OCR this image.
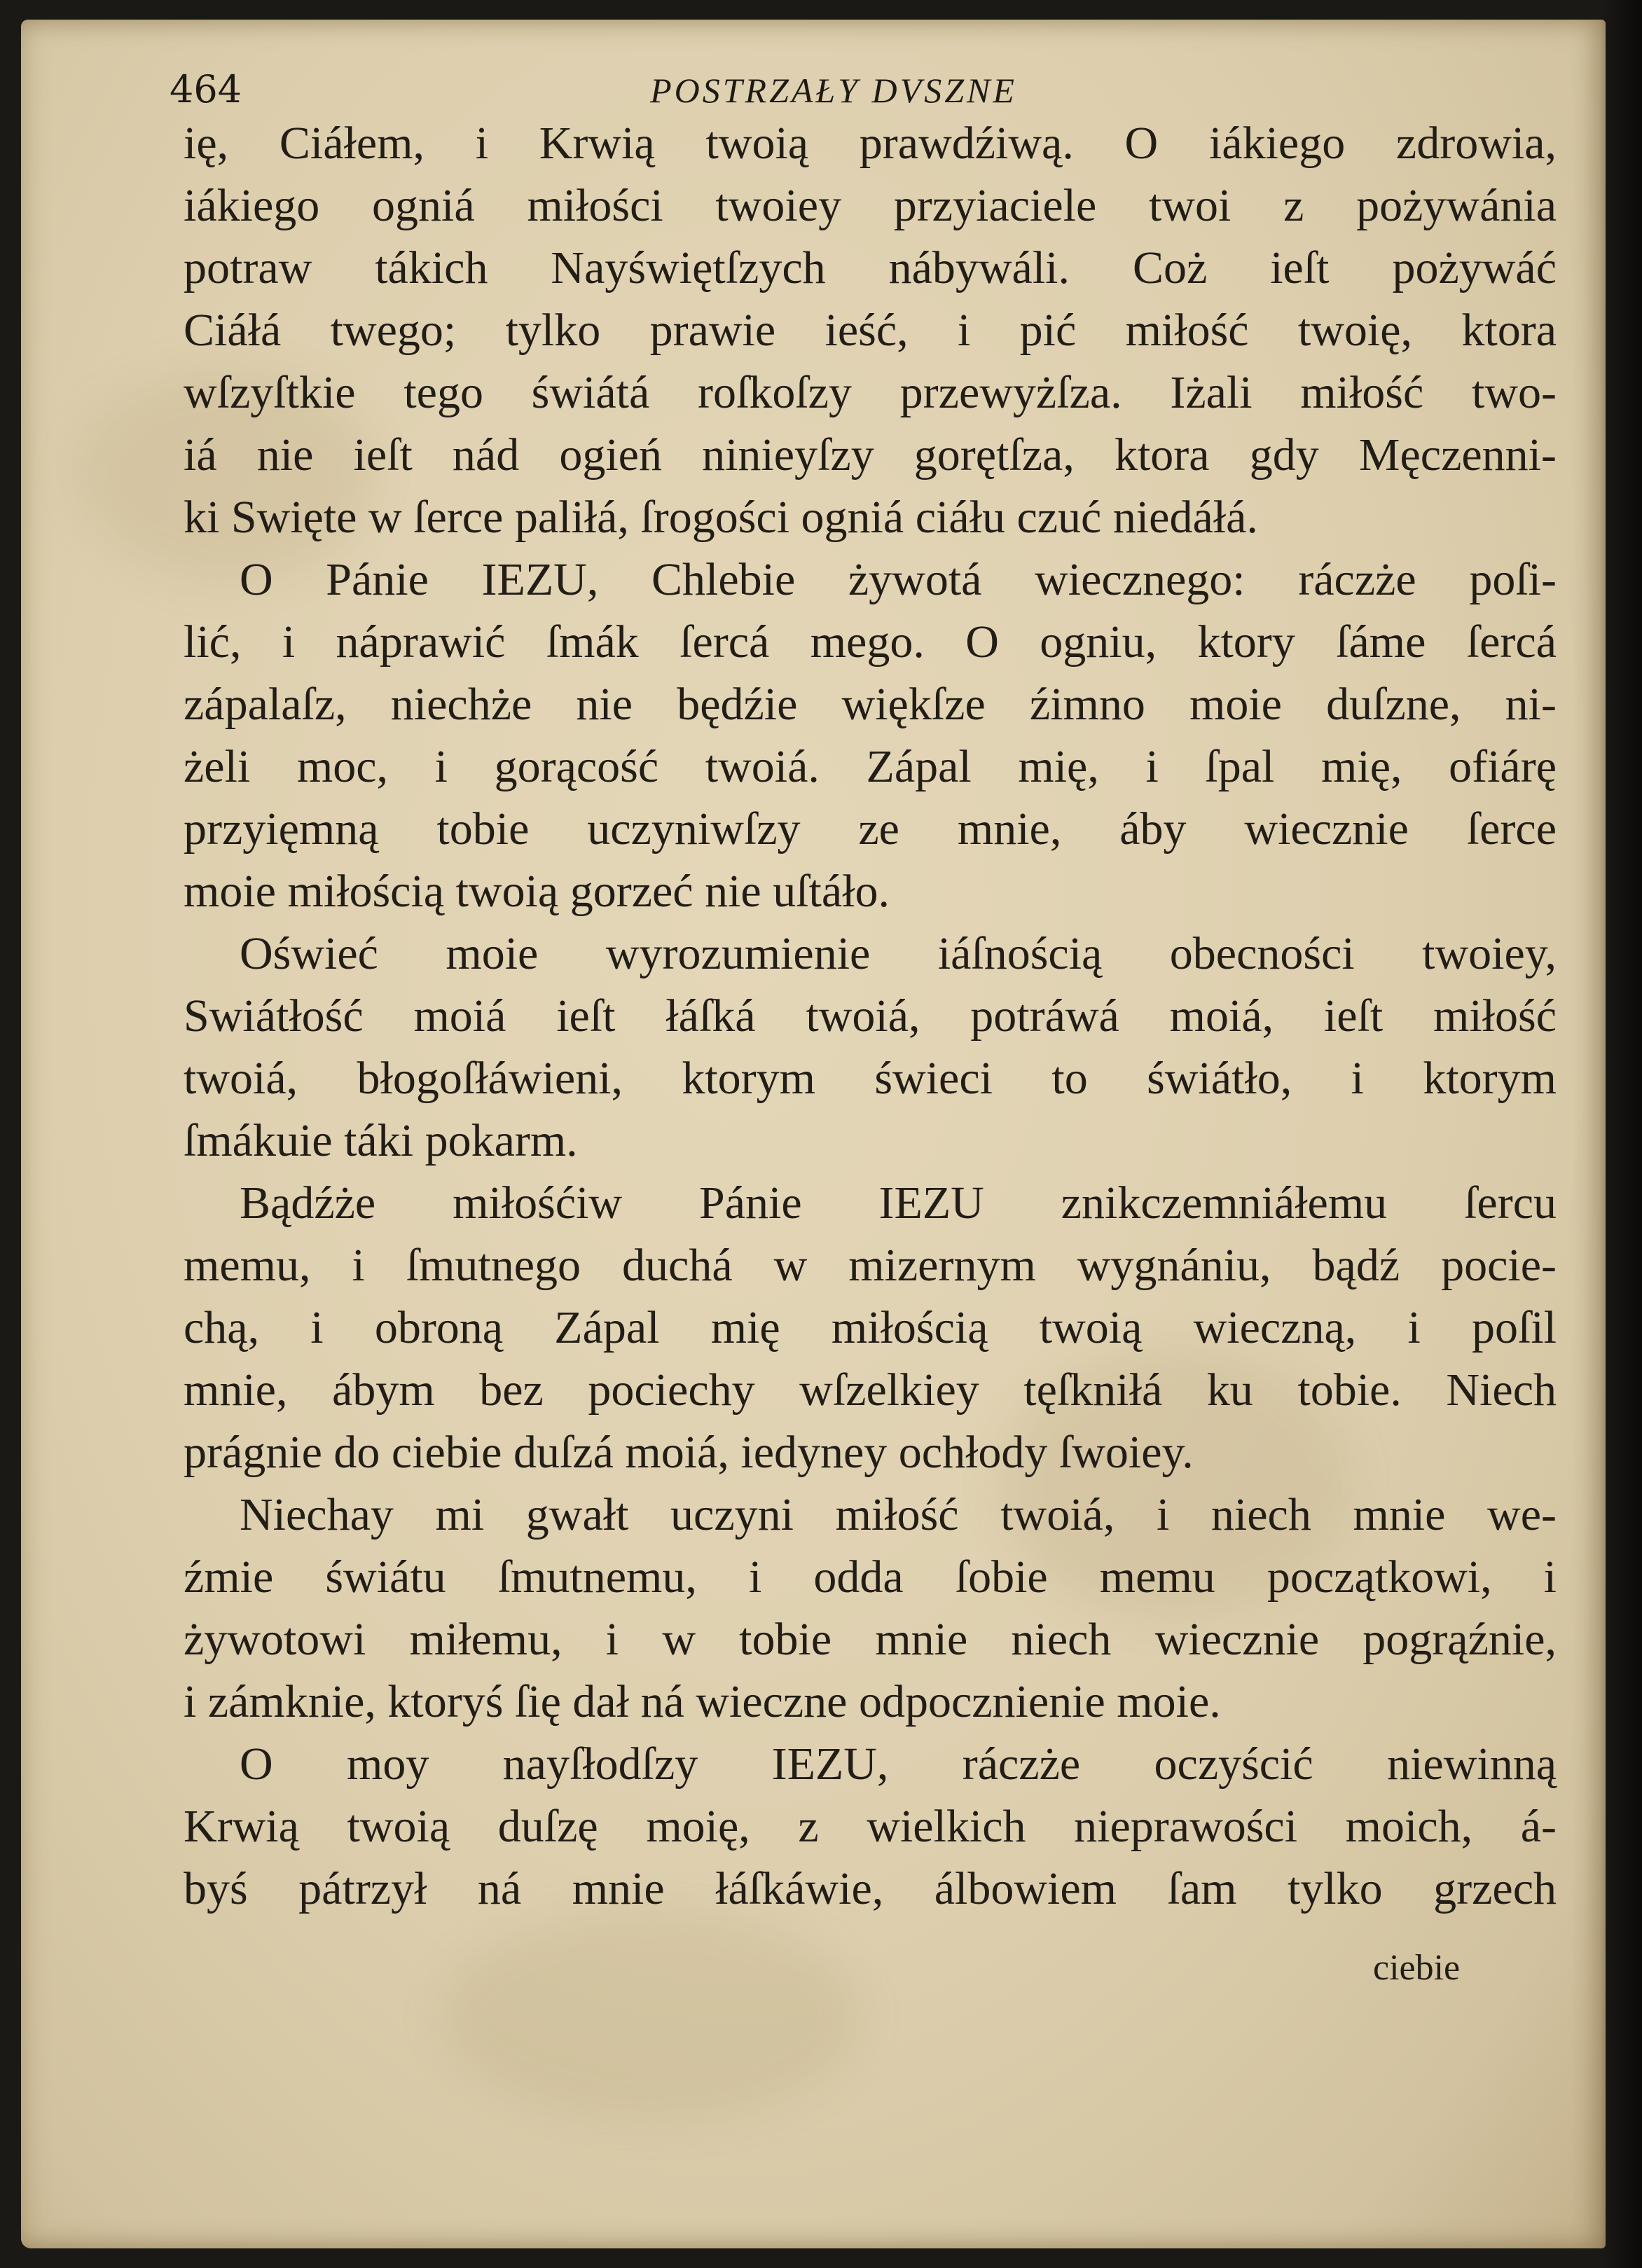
464	POSTRZAŁY DVSZNE
ię, Ciáłem, i Krwią twoią prawdźiwą. O iákiego zdrowia,
iákiego ogniá miłości twoiey przyiaciele twoi z pożywánia
potraw tákich Nayświętſzych nábywáli. Coż ieſt pożywáć
Ciáłá twego; tylko prawie ieść, i pić miłość twoię, ktora
wſzyſtkie tego świátá roſkoſzy przewyżſza. Iżali miłość two-
iá nie ieſt nád ogień ninieyſzy gorętſza, ktora gdy Męczenni-
ki Swięte w ſerce paliłá, ſrogości ogniá ciáłu czuć niedáłá.
O Pánie IEZU, Chlebie żywotá wiecznego: ráczże poſi-
lić, i náprawić ſmák ſercá mego. O ogniu, ktory ſáme ſercá
zápalaſz, niechże nie będźie więkſze źimno moie duſzne, ni-
żeli moc, i gorącość twoiá. Zápal mię, i ſpal mię, ofiárę
przyięmną tobie uczyniwſzy ze mnie, áby wiecznie ſerce
moie miłością twoią gorzeć nie uſtáło.
Oświeć moie wyrozumienie iáſnością obecności twoiey,
Swiátłość moiá ieſt łáſká twoiá, potráwá moiá, ieſt miłość
twoiá, błogoſłáwieni, ktorym świeci to świátło, i ktorym
ſmákuie táki pokarm.
Bądźże miłośćiw Pánie IEZU znikczemniáłemu ſercu
memu, i ſmutnego duchá w mizernym wygnániu, bądź pocie-
chą, i obroną Zápal mię miłością twoią wieczną, i poſil
mnie, ábym bez pociechy wſzelkiey tęſkniłá ku tobie. Niech
prágnie do ciebie duſzá moiá, iedyney ochłody ſwoiey.
Niechay mi gwałt uczyni miłość twoiá, i niech mnie we-
źmie świátu ſmutnemu, i odda ſobie memu początkowi, i
żywotowi miłemu, i w tobie mnie niech wiecznie pogrąźnie,
i zámknie, ktoryś ſię dał ná wieczne odpocznienie moie.
O moy nayſłodſzy IEZU, ráczże oczyścić niewinną
Krwią twoią duſzę moię, z wielkich nieprawości moich, á-
byś pátrzył ná mnie łáſkáwie, álbowiem ſam tylko grzech
ciebie
